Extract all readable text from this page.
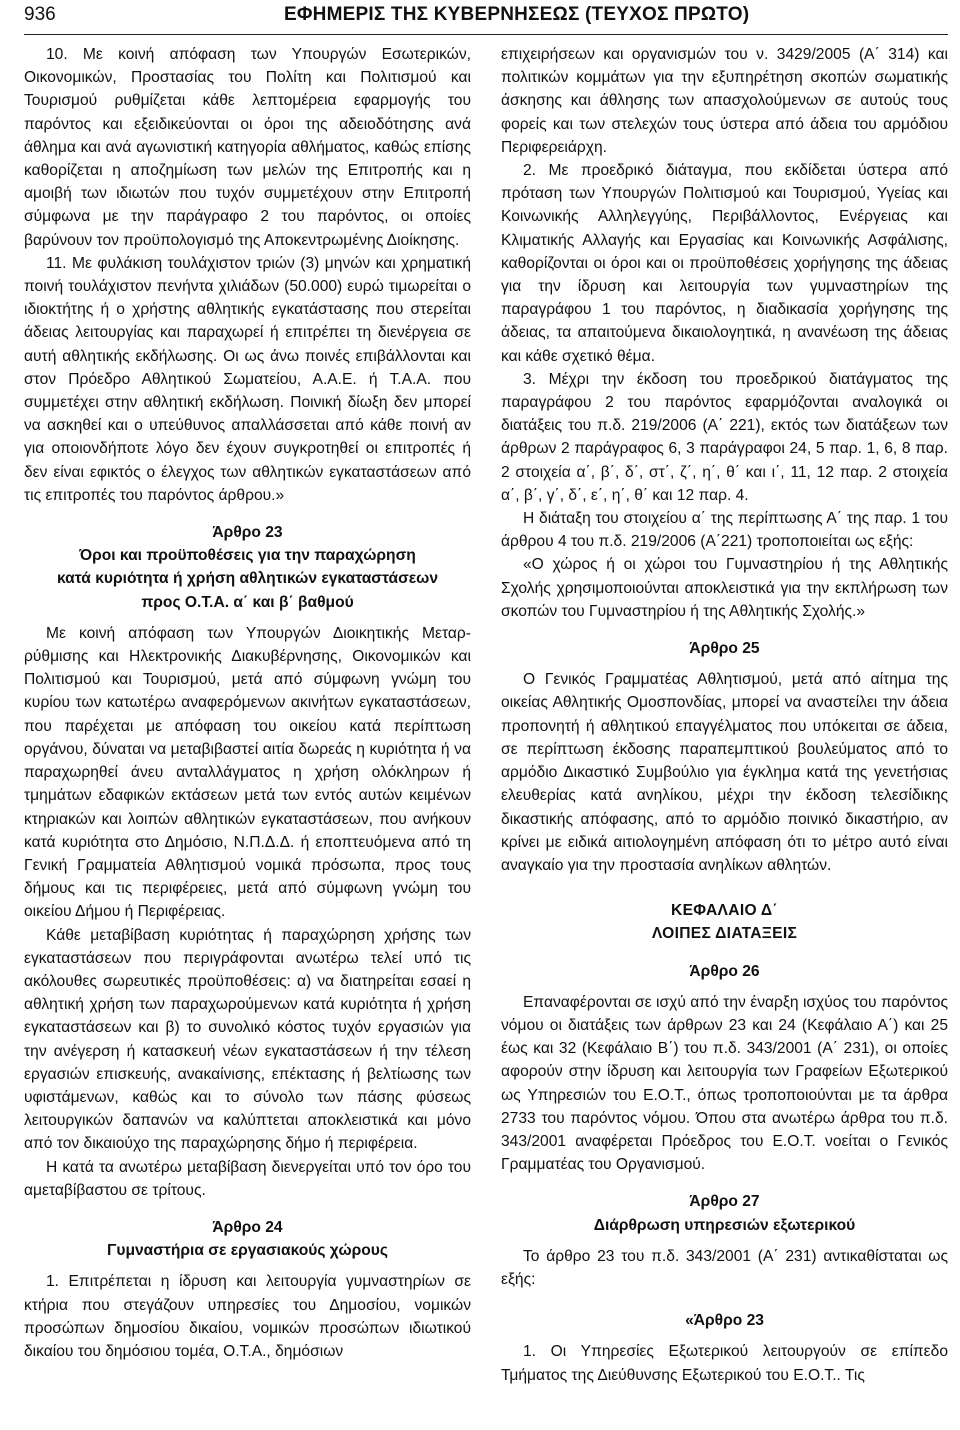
936	ΕΦΗΜΕΡΙΣ ΤΗΣ ΚΥΒΕΡΝΗΣΕΩΣ (ΤΕΥΧΟΣ ΠΡΩΤΟ)

10. Με κοινή απόφαση των Υπουργών Εσωτερικών, Οικονομικών, Προστασίας του Πολίτη και Πολιτισμού και Τουρισμού ρυθμίζεται κάθε λεπτομέρεια εφαρμογής του παρόντος και εξειδικεύονται οι όροι της αδειοδότησης ανά άθλημα και ανά αγωνιστική κατηγορία αθλήματος, καθώς επίσης καθορίζεται η αποζημίωση των μελών της Επιτροπής και η αμοιβή των ιδιωτών που τυχόν συμμετέχουν στην Επιτροπή σύμφωνα με την παράγραφο 2 του παρόντος, οι οποίες βαρύνουν τον προϋπολογισμό της Αποκεντρωμένης Διοίκησης.

11. Με φυλάκιση τουλάχιστον τριών (3) μηνών και χρηματική ποινή τουλάχιστον πενήντα χιλιάδων (50.000) ευρώ τιμωρείται ο ιδιοκτήτης ή ο χρήστης αθλητικής εγκατάστασης που στερείται άδειας λειτουργίας και παραχωρεί ή επιτρέπει τη διενέργεια σε αυτή αθλητικής εκδήλωσης. Οι ως άνω ποινές επιβάλλονται και στον Πρόεδρο Αθλητικού Σωματείου, Α.Α.Ε. ή Τ.Α.Α. που συμμετέχει στην αθλητική εκδήλωση. Ποινική δίωξη δεν μπορεί να ασκηθεί και ο υπεύθυνος απαλλάσσεται από κάθε ποινή αν για οποιονδήποτε λόγο δεν έχουν συγκροτηθεί οι επιτροπές ή δεν είναι εφικτός ο έλεγχος των αθλητικών εγκαταστάσεων από τις επιτροπές του παρόντος άρθρου.»

Άρθρο 23
Όροι και προϋποθέσεις για την παραχώρηση
κατά κυριότητα ή χρήση αθλητικών εγκαταστάσεων
προς Ο.Τ.Α. α΄ και β΄ βαθμού

Με κοινή απόφαση των Υπουργών Διοικητικής Μεταρρύθμισης και Ηλεκτρονικής Διακυβέρνησης, Οικονομικών και Πολιτισμού και Τουρισμού, μετά από σύμφωνη γνώμη του κυρίου των κατωτέρω αναφερόμενων ακινήτων εγκαταστάσεων, που παρέχεται με απόφαση του οικείου κατά περίπτωση οργάνου, δύναται να μεταβιβαστεί αιτία δωρεάς η κυριότητα ή να παραχωρηθεί άνευ ανταλλάγματος η χρήση ολόκληρων ή τμημάτων εδαφικών εκτάσεων μετά των εντός αυτών κειμένων κτηριακών και λοιπών αθλητικών εγκαταστάσεων, που ανήκουν κατά κυριότητα στο Δημόσιο, Ν.Π.Δ.Δ. ή εποπτευόμενα από τη Γενική Γραμματεία Αθλητισμού νομικά πρόσωπα, προς τους δήμους και τις περιφέρειες, μετά από σύμφωνη γνώμη του οικείου Δήμου ή Περιφέρειας.

Κάθε μεταβίβαση κυριότητας ή παραχώρηση χρήσης των εγκαταστάσεων που περιγράφονται ανωτέρω τελεί υπό τις ακόλουθες σωρευτικές προϋποθέσεις: α) να διατηρείται εσαεί η αθλητική χρήση των παραχωρούμενων κατά κυριότητα ή χρήση εγκαταστάσεων και β) το συνολικό κόστος τυχόν εργασιών για την ανέγερση ή κατασκευή νέων εγκαταστάσεων ή την τέλεση εργασιών επισκευής, ανακαίνισης, επέκτασης ή βελτίωσης των υφιστάμενων, καθώς και το σύνολο των πάσης φύσεως λειτουργικών δαπανών να καλύπτεται αποκλειστικά και μόνο από τον δικαιούχο της παραχώρησης δήμο ή περιφέρεια.

Η κατά τα ανωτέρω μεταβίβαση διενεργείται υπό τον όρο του αμεταβίβαστου σε τρίτους.

Άρθρο 24
Γυμναστήρια σε εργασιακούς χώρους

1. Επιτρέπεται η ίδρυση και λειτουργία γυμναστηρίων σε κτήρια που στεγάζουν υπηρεσίες του Δημοσίου, νομικών προσώπων δημοσίου δικαίου, νομικών προσώπων ιδιωτικού δικαίου του δημόσιου τομέα, Ο.Τ.Α., δημόσιων

επιχειρήσεων και οργανισμών του ν. 3429/2005 (Α΄ 314) και πολιτικών κομμάτων για την εξυπηρέτηση σκοπών σωματικής άσκησης και άθλησης των απασχολούμενων σε αυτούς τους φορείς και των στελεχών τους ύστερα από άδεια του αρμόδιου Περιφερειάρχη.

2. Με προεδρικό διάταγμα, που εκδίδεται ύστερα από πρόταση των Υπουργών Πολιτισμού και Τουρισμού, Υγείας και Κοινωνικής Αλληλεγγύης, Περιβάλλοντος, Ενέργειας και Κλιματικής Αλλαγής και Εργασίας και Κοινωνικής Ασφάλισης, καθορίζονται οι όροι και οι προϋποθέσεις χορήγησης της άδειας για την ίδρυση και λειτουργία των γυμναστηρίων της παραγράφου 1 του παρόντος, η διαδικασία χορήγησης της άδειας, τα απαιτούμενα δικαιολογητικά, η ανανέωση της άδειας και κάθε σχετικό θέμα.

3. Μέχρι την έκδοση του προεδρικού διατάγματος της παραγράφου 2 του παρόντος εφαρμόζονται αναλογικά οι διατάξεις του π.δ. 219/2006 (Α΄ 221), εκτός των διατάξεων των άρθρων 2 παράγραφος 6, 3 παράγραφοι 24, 5 παρ. 1, 6, 8 παρ. 2 στοιχεία α΄, β΄, δ΄, στ΄, ζ΄, η΄, θ΄ και ι΄, 11, 12 παρ. 2 στοιχεία α΄, β΄, γ΄, δ΄, ε΄, η΄, θ΄ και 12 παρ. 4.

Η διάταξη του στοιχείου α΄ της περίπτωσης Α΄ της παρ. 1 του άρθρου 4 του π.δ. 219/2006 (Α΄221) τροποποιείται ως εξής:

«Ο χώρος ή οι χώροι του Γυμναστηρίου ή της Αθλητικής Σχολής χρησιμοποιούνται αποκλειστικά για την εκπλήρωση των σκοπών του Γυμναστηρίου ή της Αθλητικής Σχολής.»

Άρθρο 25

Ο Γενικός Γραμματέας Αθλητισμού, μετά από αίτημα της οικείας Αθλητικής Ομοσπονδίας, μπορεί να αναστείλει την άδεια προπονητή ή αθλητικού επαγγέλματος που υπόκειται σε άδεια, σε περίπτωση έκδοσης παραπεμπτικού βουλεύματος από το αρμόδιο Δικαστικό Συμβούλιο για έγκλημα κατά της γενετήσιας ελευθερίας κατά ανηλίκου, μέχρι την έκδοση τελεσίδικης δικαστικής απόφασης, από το αρμόδιο ποινικό δικαστήριο, αν κρίνει με ειδικά αιτιολογημένη απόφαση ότι το μέτρο αυτό είναι αναγκαίο για την προστασία ανηλίκων αθλητών.

ΚΕΦΑΛΑΙΟ Δ΄
ΛΟΙΠΕΣ ΔΙΑΤΑΞΕΙΣ
Άρθρο 26

Επαναφέρονται σε ισχύ από την έναρξη ισχύος του παρόντος νόμου οι διατάξεις των άρθρων 23 και 24 (Κεφάλαιο Α΄) και 25 έως και 32 (Κεφάλαιο Β΄) του π.δ. 343/2001 (Α΄ 231), οι οποίες αφορούν στην ίδρυση και λειτουργία των Γραφείων Εξωτερικού ως Υπηρεσιών του Ε.Ο.Τ., όπως τροποποιούνται με τα άρθρα 2733 του παρόντος νόμου. Όπου στα ανωτέρω άρθρα του π.δ. 343/2001 αναφέρεται Πρόεδρος του Ε.Ο.Τ. νοείται ο Γενικός Γραμματέας του Οργανισμού.

Άρθρο 27
Διάρθρωση υπηρεσιών εξωτερικού

Το άρθρο 23 του π.δ. 343/2001 (Α΄ 231) αντικαθίσταται ως εξής:

«Άρθρο 23

1. Οι Υπηρεσίες Εξωτερικού λειτουργούν σε επίπεδο Τμήματος της Διεύθυνσης Εξωτερικού του Ε.Ο.Τ.. Τις
